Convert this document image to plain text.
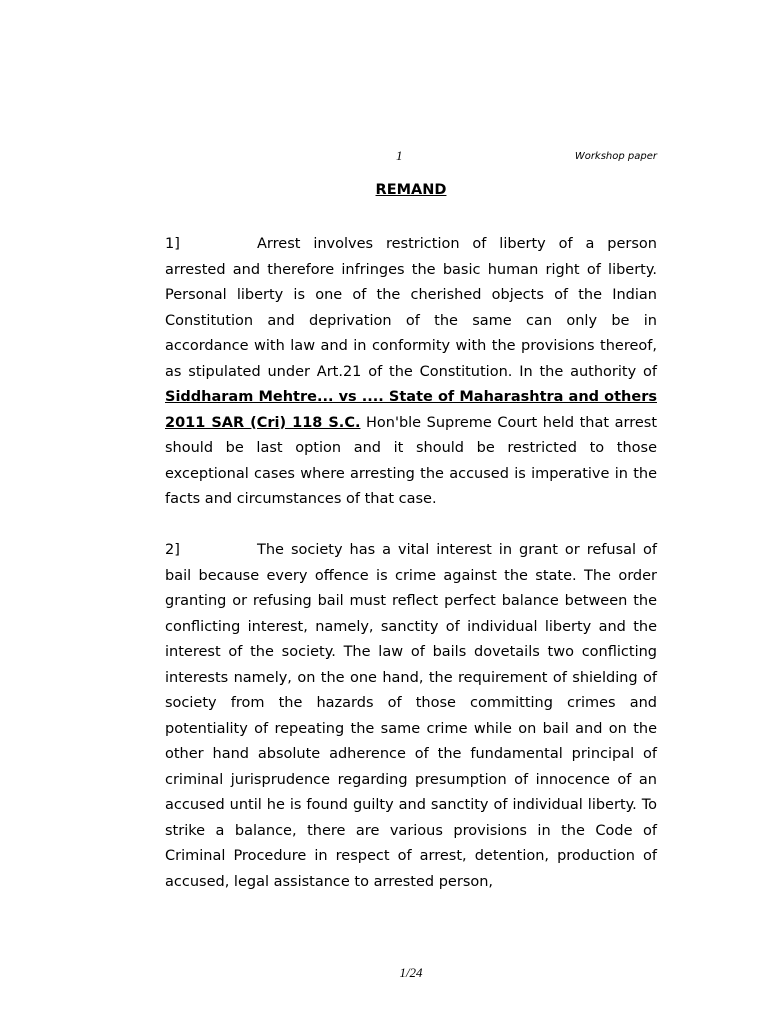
1	Workshop paper
REMAND

1]	Arrest involves restriction of liberty of a person arrested and therefore infringes the basic human right of liberty. Personal liberty is one of the cherished objects of the Indian Constitution and deprivation of the same can only be in accordance with law and in conformity with the provisions thereof, as stipulated under Art.21 of the Constitution. In the authority of Siddharam Mehtre... vs .... State of Maharashtra and others 2011 SAR (Cri) 118 S.C. Hon'ble Supreme Court held that arrest should be last option and it should be restricted to those exceptional cases where arresting the accused is imperative in the facts and circumstances of that case.

2]	The society has a vital interest in grant or refusal of bail because every offence is crime against the state. The order granting or refusing bail must reflect perfect balance between the conflicting interest, namely, sanctity of individual liberty and the interest of the society. The law of bails dovetails two conflicting interests namely, on the one hand, the requirement of shielding of society from the hazards of those committing crimes and potentiality of repeating the same crime while on bail and on the other hand absolute adherence of the fundamental principal of criminal jurisprudence regarding presumption of innocence of an accused until he is found guilty and sanctity of individual liberty. To strike a balance, there are various provisions in the Code of Criminal Procedure in respect of arrest, detention, production of accused, legal assistance to arrested person,

1/24
